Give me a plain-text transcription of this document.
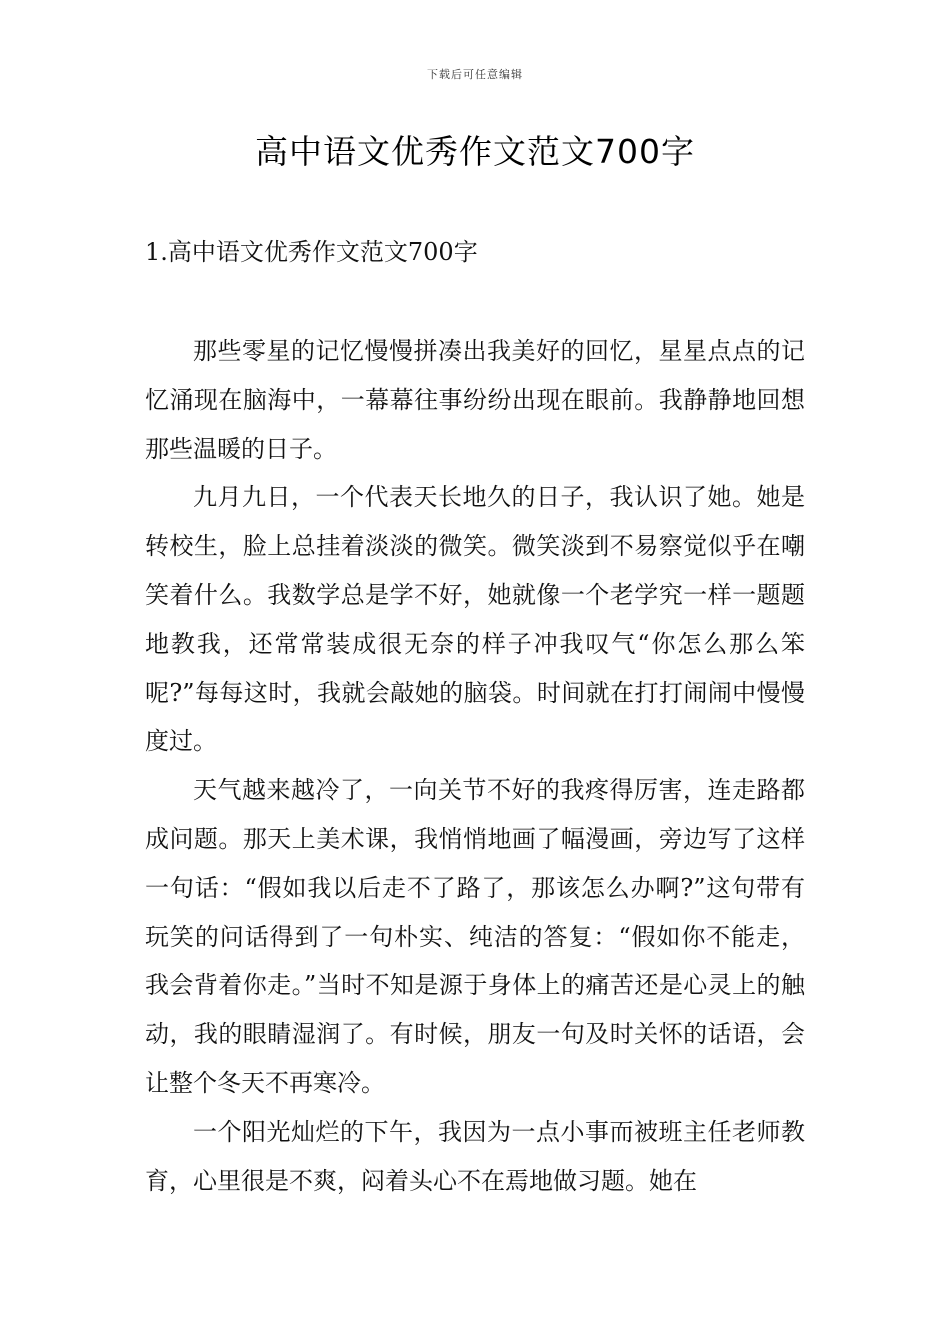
下载后可任意编辑
高中语文优秀作文范文700字
1.高中语文优秀作文范文700字

那些零星的记忆慢慢拼凑出我美好的回忆，星星点点的记忆涌现在脑海中，一幕幕往事纷纷出现在眼前。我静静地回想那些温暖的日子。

九月九日，一个代表天长地久的日子，我认识了她。她是转校生，脸上总挂着淡淡的微笑。微笑淡到不易察觉似乎在嘲笑着什么。我数学总是学不好，她就像一个老学究一样一题题地教我，还常常装成很无奈的样子冲我叹气“你怎么那么笨呢?”每每这时，我就会敲她的脑袋。时间就在打打闹闹中慢慢度过。

天气越来越冷了，一向关节不好的我疼得厉害，连走路都成问题。那天上美术课，我悄悄地画了幅漫画，旁边写了这样一句话：“假如我以后走不了路了，那该怎么办啊?”这句带有玩笑的问话得到了一句朴实、纯洁的答复：“假如你不能走，我会背着你走。”当时不知是源于身体上的痛苦还是心灵上的触动，我的眼睛湿润了。有时候，朋友一句及时关怀的话语，会让整个冬天不再寒冷。

一个阳光灿烂的下午，我因为一点小事而被班主任老师教育，心里很是不爽，闷着头心不在焉地做习题。她在
